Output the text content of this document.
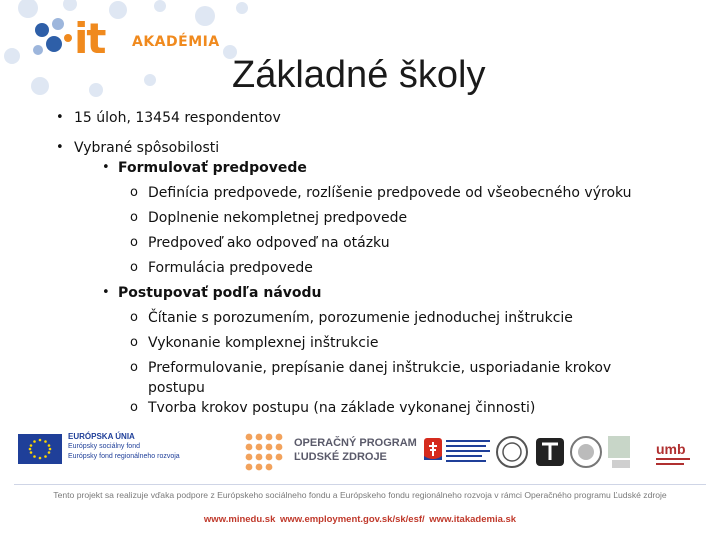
it AKADÉMIA
Základné školy
• 15 úloh, 13454 respondentov
• Vybrané spôsobilosti
• Formulovať predpovede
o Definícia predpovede, rozlíšenie predpovede od všeobecného výroku
o Doplnenie nekompletnej predpovede
o Predpoveď ako odpoveď na otázku
o Formulácia predpovede
• Postupovať podľa návodu
o Čítanie s porozumením, porozumenie jednoduchej inštrukcie
o Vykonanie komplexnej inštrukcie
o Preformulovanie, prepísanie danej inštrukcie, usporiadanie krokov postupu
o Tvorba krokov postupu (na základe vykonanej činnosti)
EURÓPSKA ÚNIA
Európsky sociálny fond
Európsky fond regionálneho rozvoja
OPERAČNÝ PROGRAM
ĽUDSKÉ ZDROJE	umb
Tento projekt sa realizuje vďaka podpore z Európskeho sociálneho fondu a Európskeho fondu regionálneho rozvoja v rámci Operačného programu Ľudské zdroje
www.minedu.sk www.employment.gov.sk/sk/esf/ www.itakademia.sk
